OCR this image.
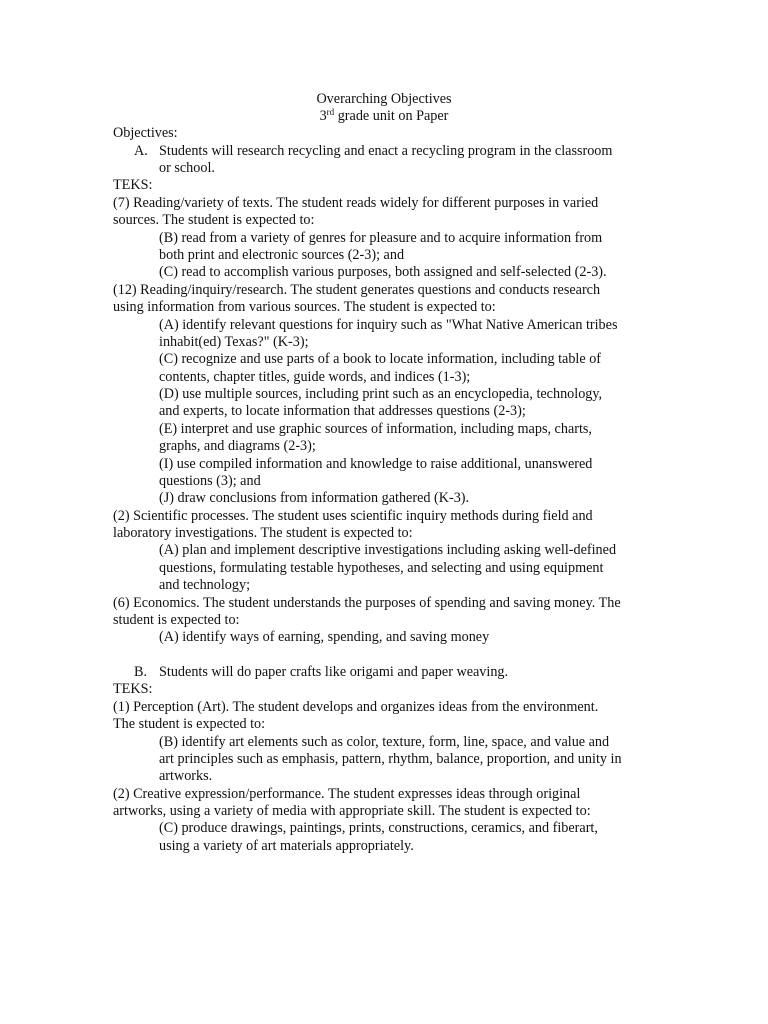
Overarching Objectives
3rd grade unit on Paper
Objectives:
A. Students will research recycling and enact a recycling program in the classroom
or school.
TEKS:
(7) Reading/variety of texts. The student reads widely for different purposes in varied
sources. The student is expected to:
(B) read from a variety of genres for pleasure and to acquire information from
both print and electronic sources (2-3); and
(C) read to accomplish various purposes, both assigned and self-selected (2-3).
(12) Reading/inquiry/research. The student generates questions and conducts research
using information from various sources. The student is expected to:
(A) identify relevant questions for inquiry such as "What Native American tribes
inhabit(ed) Texas?" (K-3);
(C) recognize and use parts of a book to locate information, including table of
contents, chapter titles, guide words, and indices (1-3);
(D) use multiple sources, including print such as an encyclopedia, technology,
and experts, to locate information that addresses questions (2-3);
(E) interpret and use graphic sources of information, including maps, charts,
graphs, and diagrams (2-3);
(I) use compiled information and knowledge to raise additional, unanswered
questions (3); and
(J) draw conclusions from information gathered (K-3).
(2) Scientific processes. The student uses scientific inquiry methods during field and
laboratory investigations. The student is expected to:
(A) plan and implement descriptive investigations including asking well-defined
questions, formulating testable hypotheses, and selecting and using equipment
and technology;
(6) Economics. The student understands the purposes of spending and saving money. The
student is expected to:
(A) identify ways of earning, spending, and saving money
B. Students will do paper crafts like origami and paper weaving.
TEKS:
(1) Perception (Art). The student develops and organizes ideas from the environment.
The student is expected to:
(B) identify art elements such as color, texture, form, line, space, and value and
art principles such as emphasis, pattern, rhythm, balance, proportion, and unity in
artworks.
(2) Creative expression/performance. The student expresses ideas through original
artworks, using a variety of media with appropriate skill. The student is expected to:
(C) produce drawings, paintings, prints, constructions, ceramics, and fiberart,
using a variety of art materials appropriately.
